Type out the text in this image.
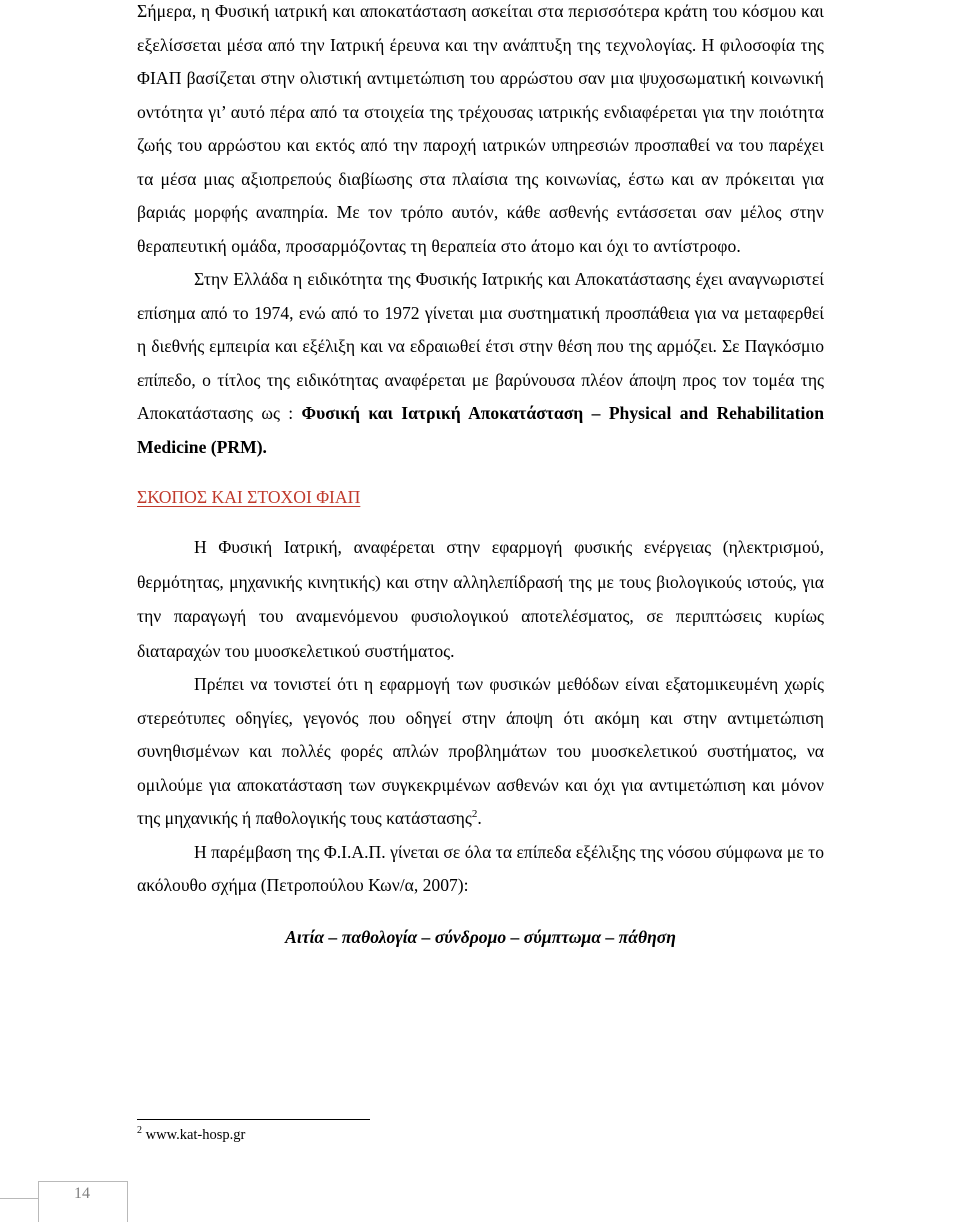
Σήμερα, η Φυσική ιατρική και αποκατάσταση ασκείται στα περισσότερα κράτη του κόσμου και εξελίσσεται μέσα από την Ιατρική έρευνα και την ανάπτυξη της τεχνολογίας. Η φιλοσοφία της ΦΙΑΠ βασίζεται στην ολιστική αντιμετώπιση του αρρώστου σαν μια ψυχοσωματική κοινωνική οντότητα γι’ αυτό πέρα από τα στοιχεία της τρέχουσας ιατρικής ενδιαφέρεται για την ποιότητα ζωής του αρρώστου και εκτός από την παροχή ιατρικών υπηρεσιών προσπαθεί να του παρέχει τα μέσα μιας αξιοπρεπούς διαβίωσης στα πλαίσια της κοινωνίας, έστω και αν πρόκειται για βαριάς μορφής αναπηρία. Με τον τρόπο αυτόν, κάθε ασθενής εντάσσεται σαν μέλος στην θεραπευτική ομάδα, προσαρμόζοντας τη θεραπεία στο άτομο και όχι το αντίστροφο.

Στην Ελλάδα η ειδικότητα της Φυσικής Ιατρικής και Αποκατάστασης έχει αναγνωριστεί επίσημα από το 1974, ενώ από το 1972 γίνεται μια συστηματική προσπάθεια για να μεταφερθεί η διεθνής εμπειρία και εξέλιξη και να εδραιωθεί έτσι στην θέση που της αρμόζει. Σε Παγκόσμιο επίπεδο, ο τίτλος της ειδικότητας αναφέρεται με βαρύνουσα πλέον άποψη προς τον τομέα της Αποκατάστασης ως : Φυσική και Ιατρική Αποκατάσταση – Physical and Rehabilitation Medicine (PRM).

ΣΚΟΠΟΣ ΚΑΙ ΣΤΟΧΟΙ ΦΙΑΠ

Η Φυσική Ιατρική, αναφέρεται στην εφαρμογή φυσικής ενέργειας (ηλεκτρισμού, θερμότητας, μηχανικής κινητικής) και στην αλληλεπίδρασή της με τους βιολογικούς ιστούς, για την παραγωγή του αναμενόμενου φυσιολογικού αποτελέσματος, σε περιπτώσεις κυρίως διαταραχών του μυοσκελετικού συστήματος.

Πρέπει να τονιστεί ότι η εφαρμογή των φυσικών μεθόδων είναι εξατομικευμένη χωρίς στερεότυπες οδηγίες, γεγονός που οδηγεί στην άποψη ότι ακόμη και στην αντιμετώπιση συνηθισμένων και πολλές φορές απλών προβλημάτων του μυοσκελετικού συστήματος, να ομιλούμε για αποκατάσταση των συγκεκριμένων ασθενών και όχι για αντιμετώπιση και μόνον της μηχανικής ή παθολογικής τους κατάστασης$^2$.

Η παρέμβαση της Φ.Ι.Α.Π. γίνεται σε όλα τα επίπεδα εξέλιξης της νόσου σύμφωνα με το ακόλουθο σχήμα (Πετροπούλου Κων/α, 2007):

Αιτία – παθολογία – σύνδρομο – σύμπτωμα – πάθηση

$^2$ www.kat-hosp.gr
14
